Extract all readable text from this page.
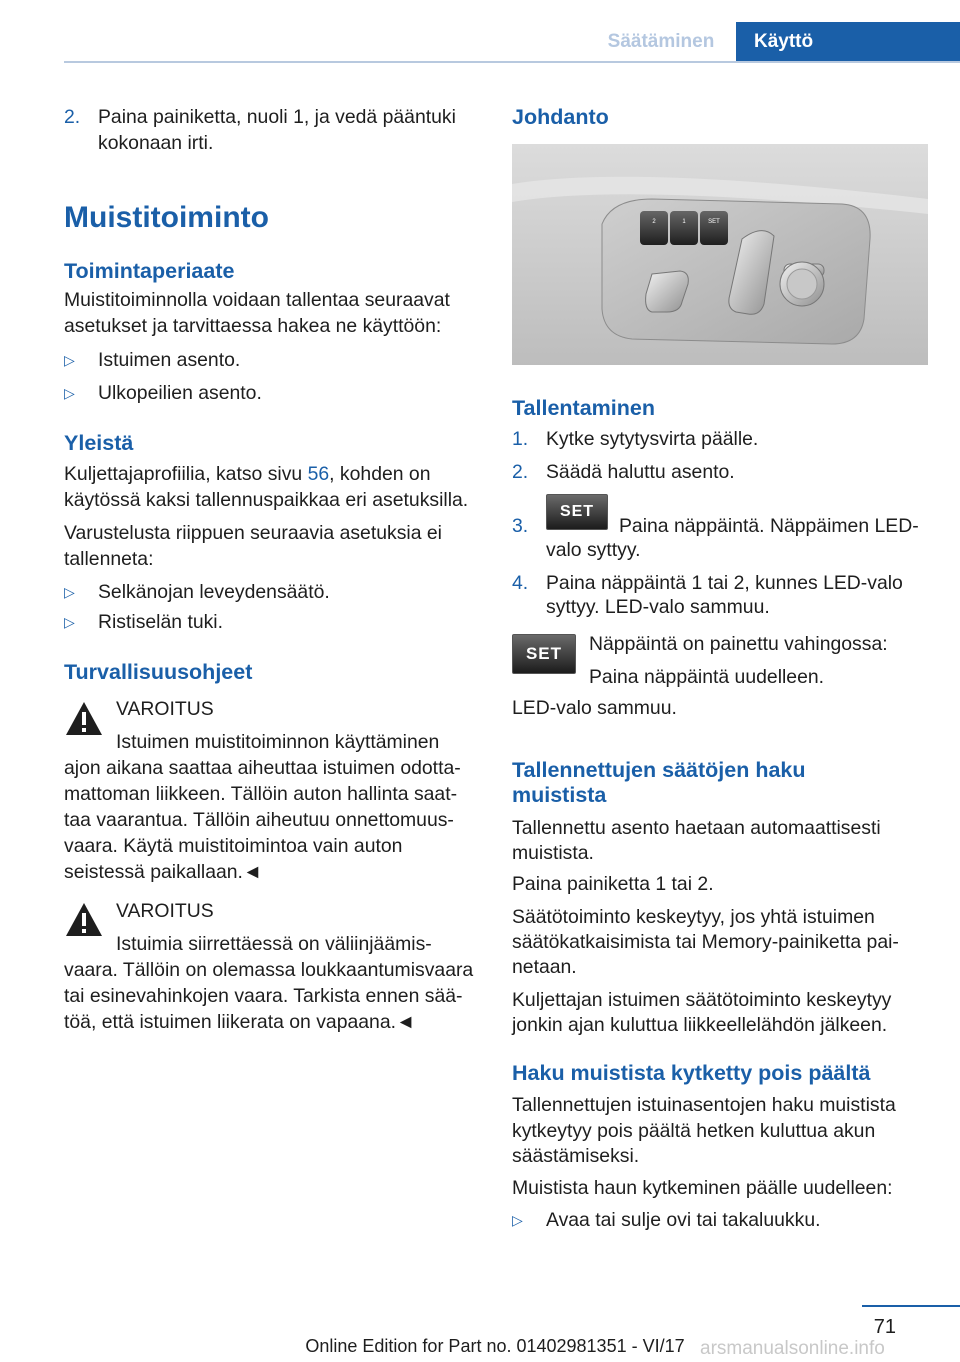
Säätäminen	Käyttö
2. Paina painiketta, nuoli 1, ja vedä pääntuki
kokonaan irti.
Muistitoiminto
Toimintaperiaate
Muistitoiminnolla voidaan tallentaa seuraavat
asetukset ja tarvittaessa hakea ne käyttöön:
▷ Istuimen asento.
▷ Ulkopeilien asento.
Yleistä
Kuljettajaprofiilia, katso sivu 56, kohden on
käytössä kaksi tallennuspaikkaa eri asetuksilla.
Varustelusta riippuen seuraavia asetuksia ei
tallenneta:
▷ Selkänojan leveydensäätö.
▷ Ristiselän tuki.
Turvallisuusohjeet
VAROITUS
Istuimen muistitoiminnon käyttäminen
ajon aikana saattaa aiheuttaa istuimen odotta-
mattoman liikkeen. Tällöin auton hallinta saat-
taa vaarantua. Tällöin aiheutuu onnettomuus-
vaara. Käytä muistitoimintoa vain auton
seistessä paikallaan.◄
VAROITUS
Istuimia siirrettäessä on väliinjäämis-
vaara. Tällöin on olemassa loukkaantumisvaara
tai esinevahinkojen vaara. Tarkista ennen sää-
töä, että istuimen liikerata on vapaana.◄
Johdanto
2	1	SET
Tallentaminen
1. Kytke sytytysvirta päälle.
2. Säädä haluttu asento.
3.
SET
Paina näppäintä. Näppäimen LED-
valo syttyy.
4. Paina näppäintä 1 tai 2, kunnes LED-valo
syttyy. LED-valo sammuu.
SET	Näppäintä on painettu vahingossa:
Paina näppäintä uudelleen.
LED-valo sammuu.
Tallennettujen säätöjen haku
muistista
Tallennettu asento haetaan automaattisesti
muistista.
Paina painiketta 1 tai 2.
Säätötoiminto keskeytyy, jos yhtä istuimen
säätökatkaisimista tai Memory-painiketta pai-
netaan.
Kuljettajan istuimen säätötoiminto keskeytyy
jonkin ajan kuluttua liikkeellelähdön jälkeen.
Haku muistista kytketty pois päältä
Tallennettujen istuinasentojen haku muistista
kytkeytyy pois päältä hetken kuluttua akun
säästämiseksi.
Muistista haun kytkeminen päälle uudelleen:
▷ Avaa tai sulje ovi tai takaluukku.
71
Online Edition for Part no. 01402981351 - VI/17 arsmanualsonline.info
